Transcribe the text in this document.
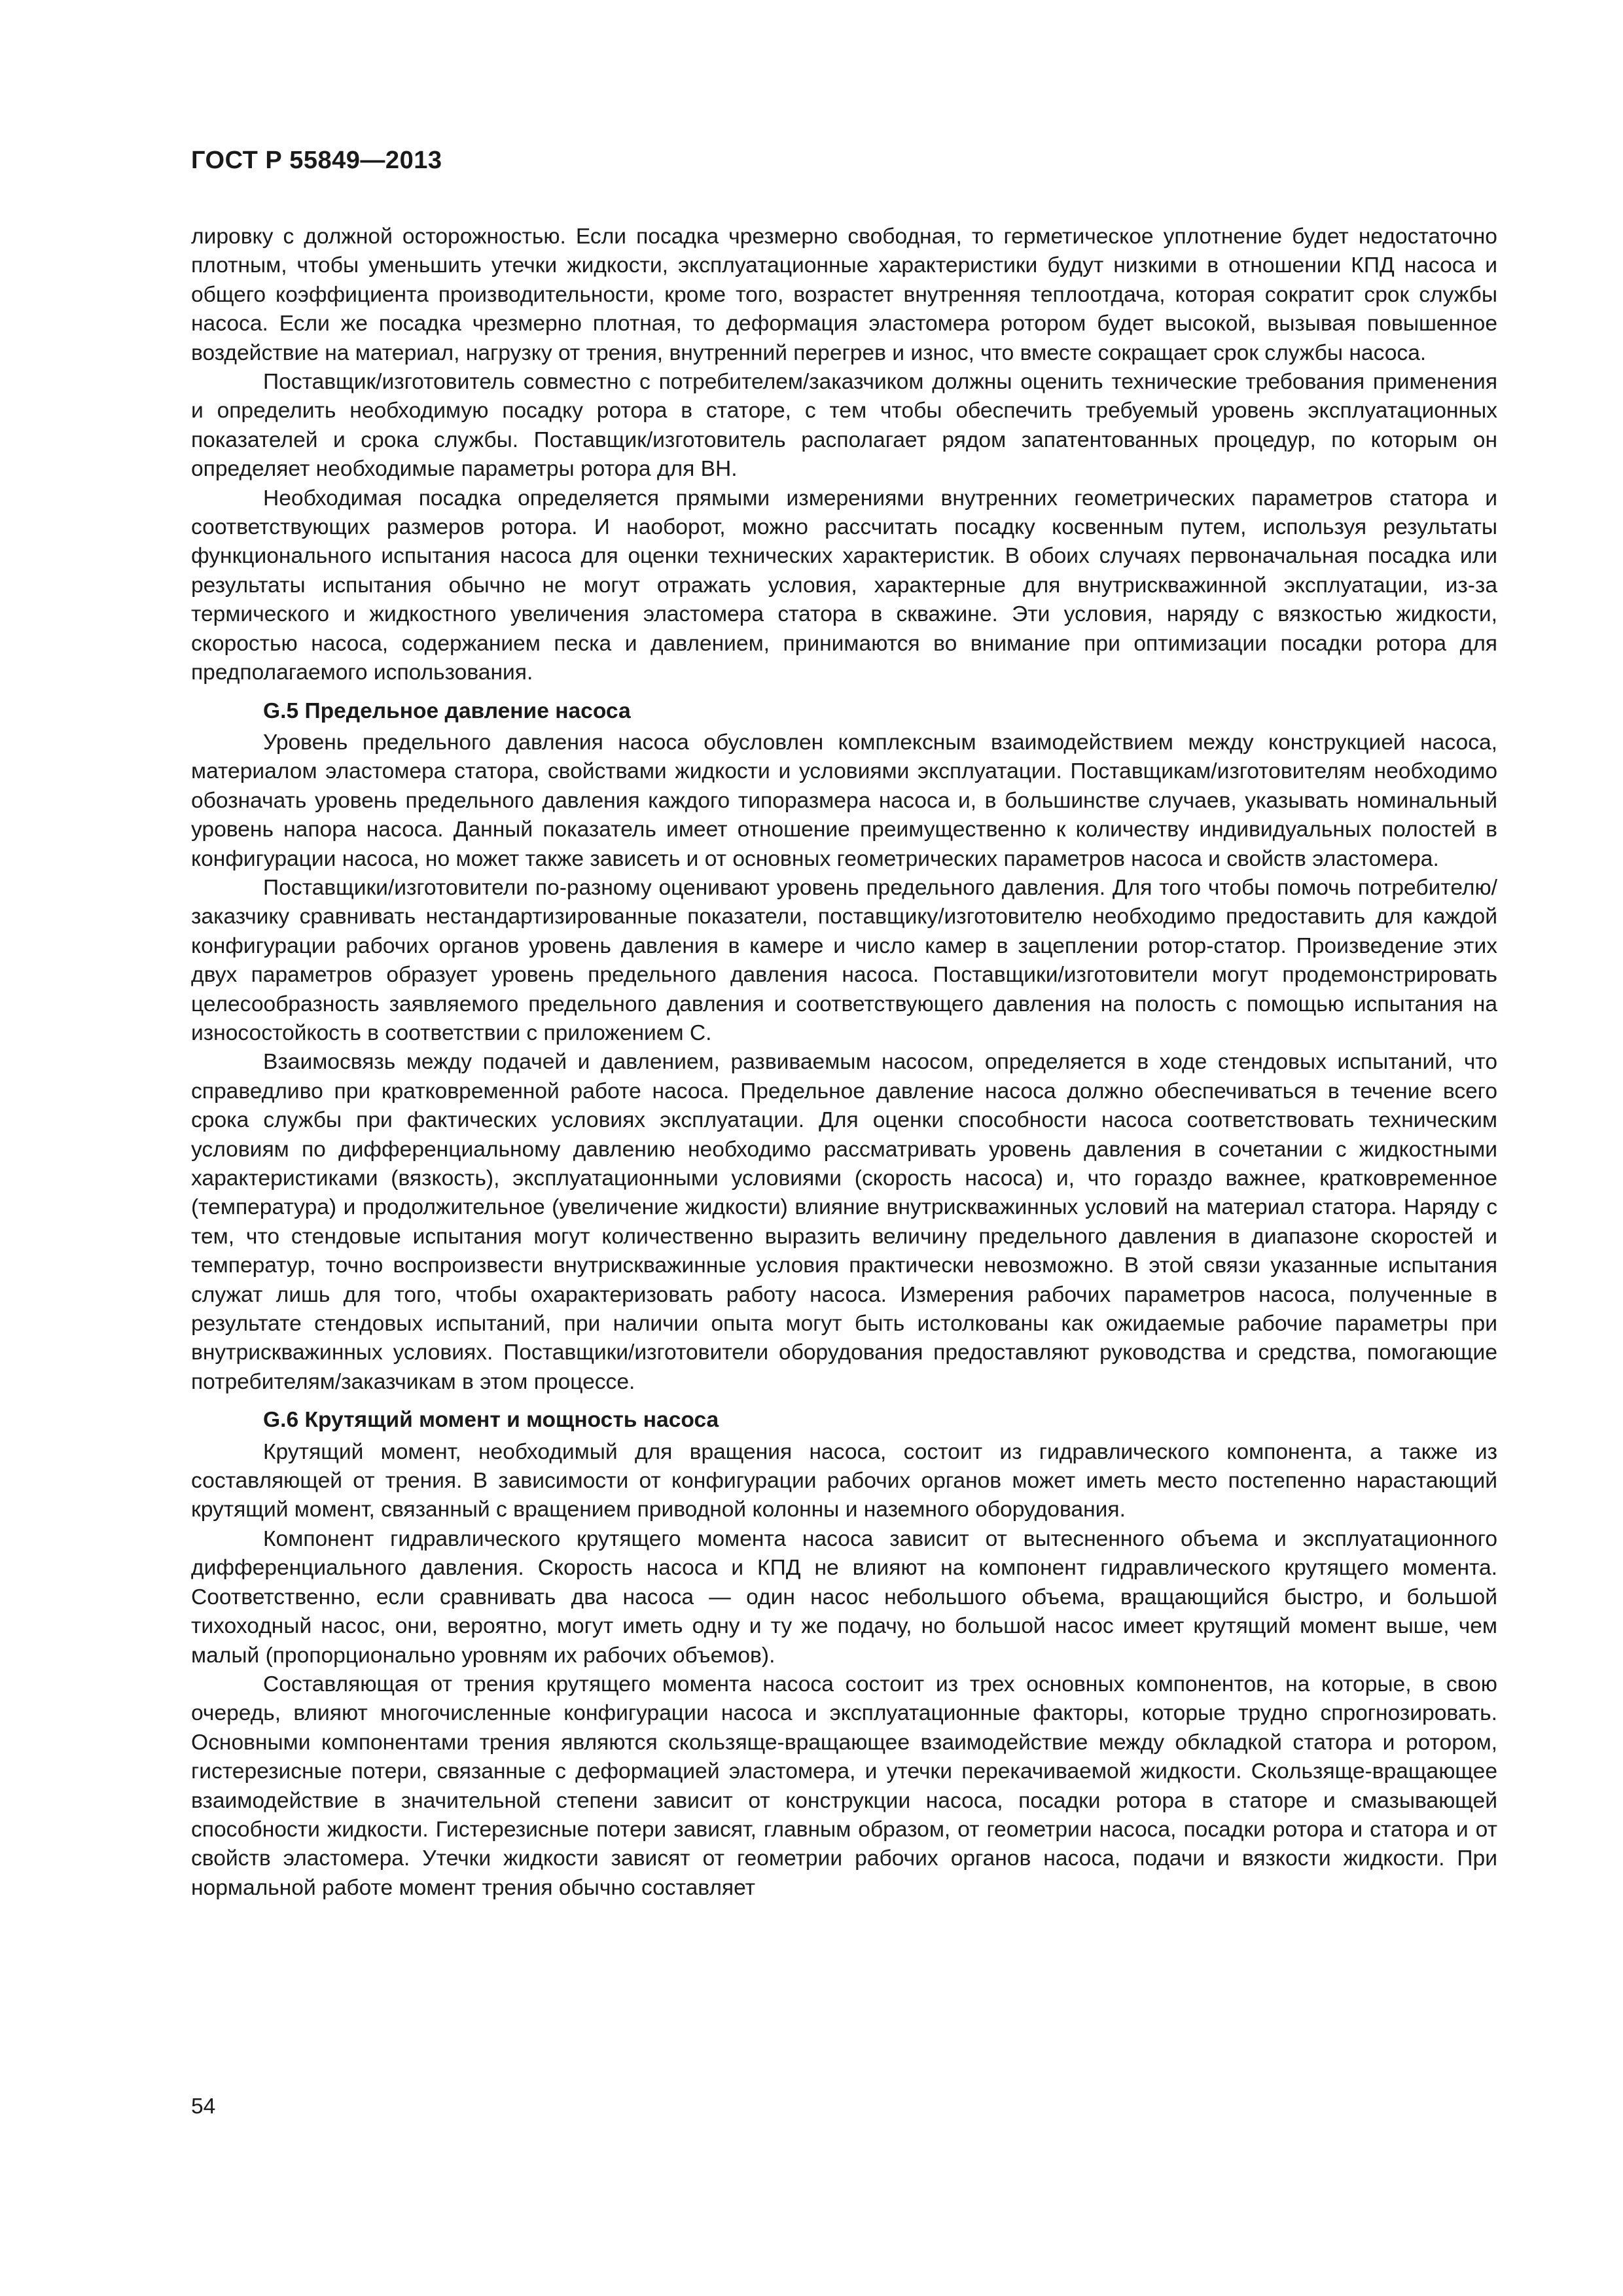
ГОСТ Р 55849—2013

лировку с должной осторожностью. Если посадка чрезмерно свободная, то герметическое уплотнение будет недостаточно плотным, чтобы уменьшить утечки жидкости, эксплуатационные характеристики будут низкими в отношении КПД насоса и общего коэффициента производительности, кроме того, возрастет внутренняя теплоотдача, которая сократит срок службы насоса. Если же посадка чрезмерно плотная, то деформация эластомера ротором будет высокой, вызывая повышенное воздействие на материал, нагрузку от трения, внутренний перегрев и износ, что вместе сокращает срок службы насоса.

Поставщик/изготовитель совместно с потребителем/заказчиком должны оценить технические требования применения и определить необходимую посадку ротора в статоре, с тем чтобы обеспечить требуемый уровень эксплуатационных показателей и срока службы. Поставщик/изготовитель располагает рядом запатентованных процедур, по которым он определяет необходимые параметры ротора для ВН.

Необходимая посадка определяется прямыми измерениями внутренних геометрических параметров статора и соответствующих размеров ротора. И наоборот, можно рассчитать посадку косвенным путем, используя результаты функционального испытания насоса для оценки технических характеристик. В обоих случаях первоначальная посадка или результаты испытания обычно не могут отражать условия, характерные для внутрискважинной эксплуатации, из-за термического и жидкостного увеличения эластомера статора в скважине. Эти условия, наряду с вязкостью жидкости, скоростью насоса, содержанием песка и давлением, принимаются во внимание при оптимизации посадки ротора для предполагаемого использования.

G.5 Предельное давление насоса

Уровень предельного давления насоса обусловлен комплексным взаимодействием между конструкцией насоса, материалом эластомера статора, свойствами жидкости и условиями эксплуатации. Поставщикам/изготовителям необходимо обозначать уровень предельного давления каждого типоразмера насоса и, в большинстве случаев, указывать номинальный уровень напора насоса. Данный показатель имеет отношение преимущественно к количеству индивидуальных полостей в конфигурации насоса, но может также зависеть и от основных геометрических параметров насоса и свойств эластомера.

Поставщики/изготовители по-разному оценивают уровень предельного давления. Для того чтобы помочь потребителю/заказчику сравнивать нестандартизированные показатели, поставщику/изготовителю необходимо предоставить для каждой конфигурации рабочих органов уровень давления в камере и число камер в зацеплении ротор-статор. Произведение этих двух параметров образует уровень предельного давления насоса. Поставщики/изготовители могут продемонстрировать целесообразность заявляемого предельного давления и соответствующего давления на полость с помощью испытания на износостойкость в соответствии с приложением С.

Взаимосвязь между подачей и давлением, развиваемым насосом, определяется в ходе стендовых испытаний, что справедливо при кратковременной работе насоса. Предельное давление насоса должно обеспечиваться в течение всего срока службы при фактических условиях эксплуатации. Для оценки способности насоса соответствовать техническим условиям по дифференциальному давлению необходимо рассматривать уровень давления в сочетании с жидкостными характеристиками (вязкость), эксплуатационными условиями (скорость насоса) и, что гораздо важнее, кратковременное (температура) и продолжительное (увеличение жидкости) влияние внутрискважинных условий на материал статора. Наряду с тем, что стендовые испытания могут количественно выразить величину предельного давления в диапазоне скоростей и температур, точно воспроизвести внутрискважинные условия практически невозможно. В этой связи указанные испытания служат лишь для того, чтобы охарактеризовать работу насоса. Измерения рабочих параметров насоса, полученные в результате стендовых испытаний, при наличии опыта могут быть истолкованы как ожидаемые рабочие параметры при внутрискважинных условиях. Поставщики/изготовители оборудования предоставляют руководства и средства, помогающие потребителям/заказчикам в этом процессе.

G.6 Крутящий момент и мощность насоса

Крутящий момент, необходимый для вращения насоса, состоит из гидравлического компонента, а также из составляющей от трения. В зависимости от конфигурации рабочих органов может иметь место постепенно нарастающий крутящий момент, связанный с вращением приводной колонны и наземного оборудования.

Компонент гидравлического крутящего момента насоса зависит от вытесненного объема и эксплуатационного дифференциального давления. Скорость насоса и КПД не влияют на компонент гидравлического крутящего момента. Соответственно, если сравнивать два насоса — один насос небольшого объема, вращающийся быстро, и большой тихоходный насос, они, вероятно, могут иметь одну и ту же подачу, но большой насос имеет крутящий момент выше, чем малый (пропорционально уровням их рабочих объемов).

Составляющая от трения крутящего момента насоса состоит из трех основных компонентов, на которые, в свою очередь, влияют многочисленные конфигурации насоса и эксплуатационные факторы, которые трудно спрогнозировать. Основными компонентами трения являются скользяще-вращающее взаимодействие между обкладкой статора и ротором, гистерезисные потери, связанные с деформацией эластомера, и утечки перекачиваемой жидкости. Скользяще-вращающее взаимодействие в значительной степени зависит от конструкции насоса, посадки ротора в статоре и смазывающей способности жидкости. Гистерезисные потери зависят, главным образом, от геометрии насоса, посадки ротора и статора и от свойств эластомера. Утечки жидкости зависят от геометрии рабочих органов насоса, подачи и вязкости жидкости. При нормальной работе момент трения обычно составляет

54
